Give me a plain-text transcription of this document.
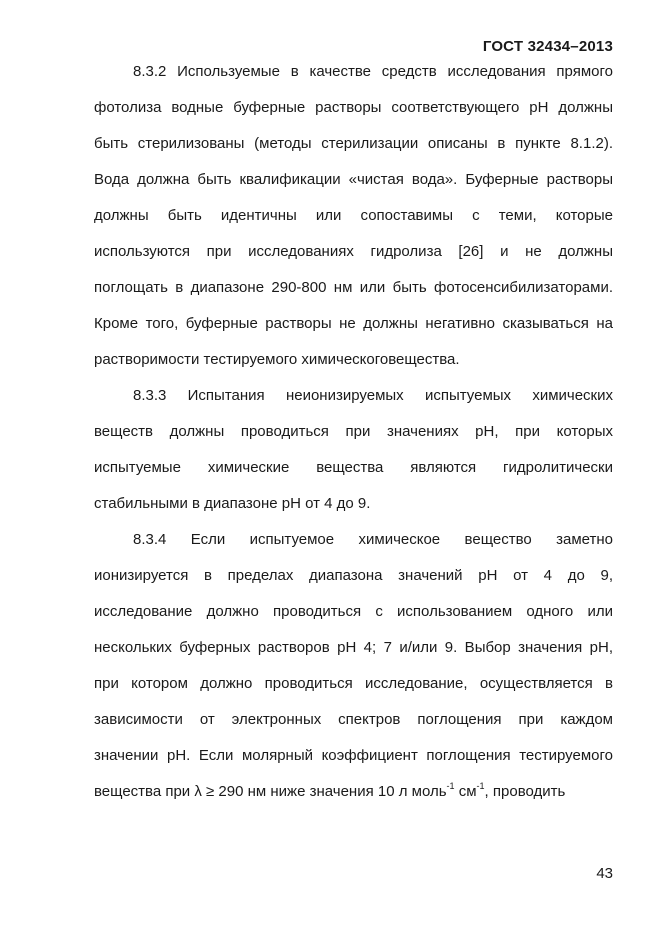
ГОСТ 32434–2013
8.3.2 Используемые в качестве средств исследования прямого
фотолиза водные буферные растворы соответствующего pH должны
быть стерилизованы (методы стерилизации описаны в пункте 8.1.2).
Вода должна быть квалификации «чистая вода». Буферные растворы
должны быть идентичны или сопоставимы с теми, которые
используются при исследованиях гидролиза [26] и не должны
поглощать в диапазоне 290-800 нм или быть фотосенсибилизаторами.
Кроме того, буферные растворы не должны негативно сказываться на
растворимости тестируемого химическоговещества.
8.3.3 Испытания неионизируемых испытуемых химических
веществ должны проводиться при значениях pH, при которых
испытуемые химические вещества являются гидролитически
стабильными в диапазоне pH от 4 до 9.
8.3.4 Если испытуемое химическое вещество заметно
ионизируется в пределах диапазона значений pH от 4 до 9,
исследование должно проводиться с использованием одного или
нескольких буферных растворов pH 4; 7 и/или 9. Выбор значения pH,
при котором должно проводиться исследование, осуществляется в
зависимости от электронных спектров поглощения при каждом
значении pH. Если молярный коэффициент поглощения тестируемого
вещества при λ ≥ 290 нм ниже значения 10 л моль$^{-1}$ $см^{-1}$, проводить
43
